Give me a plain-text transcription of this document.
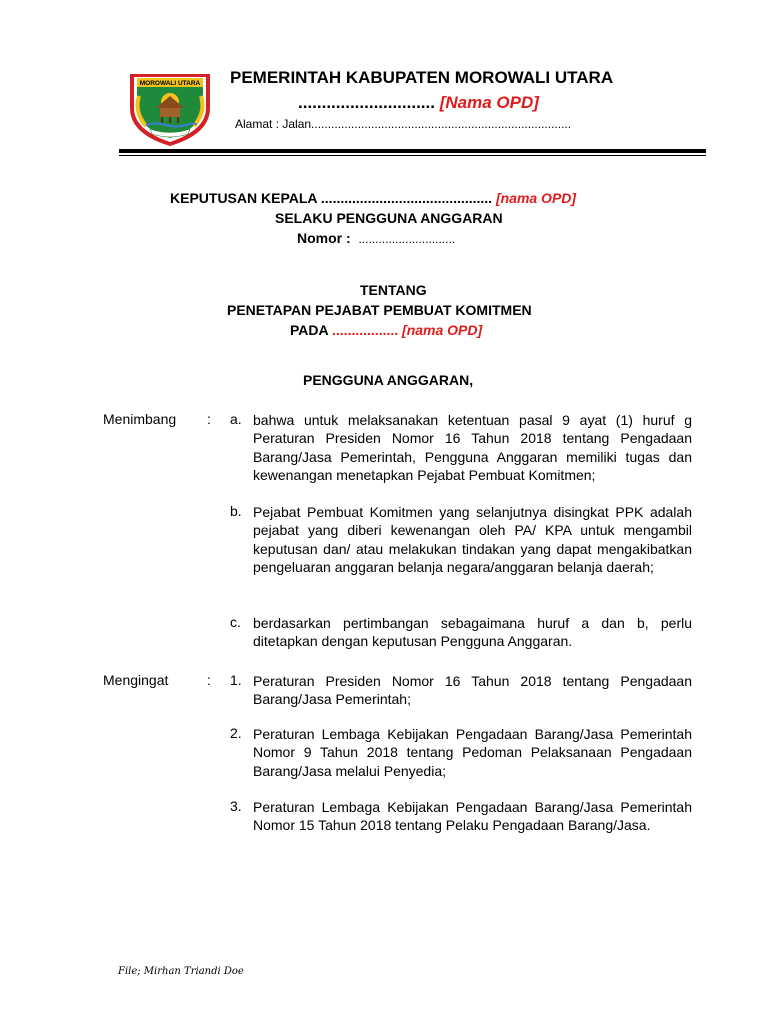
MOROWALI UTARA PEMERINTAH KABUPATEN MOROWALI UTARA
............................. [Nama OPD]
Alamat : Jalan..............................................................................
KEPUTUSAN KEPALA ............................................ [nama OPD]
SELAKU PENGGUNA ANGGARAN
Nomor : .............................
TENTANG
PENETAPAN PEJABAT PEMBUAT KOMITMEN
PADA ................. [nama OPD]
PENGGUNA ANGGARAN,
Menimbang : a. bahwa untuk melaksanakan ketentuan pasal 9 ayat (1) huruf g Peraturan Presiden Nomor 16 Tahun 2018 tentang Pengadaan Barang/Jasa Pemerintah, Pengguna Anggaran memiliki tugas dan kewenangan menetapkan Pejabat Pembuat Komitmen;
b. Pejabat Pembuat Komitmen yang selanjutnya disingkat PPK adalah pejabat yang diberi kewenangan oleh PA/ KPA untuk mengambil keputusan dan/ atau melakukan tindakan yang dapat mengakibatkan pengeluaran anggaran belanja negara/anggaran belanja daerah;
c. berdasarkan pertimbangan sebagaimana huruf a dan b, perlu ditetapkan dengan keputusan Pengguna Anggaran.
Mengingat	: 1. Peraturan Presiden Nomor 16 Tahun 2018 tentang Pengadaan Barang/Jasa Pemerintah;
2. Peraturan Lembaga Kebijakan Pengadaan Barang/Jasa Pemerintah Nomor 9 Tahun 2018 tentang Pedoman Pelaksanaan Pengadaan Barang/Jasa melalui Penyedia;
3. Peraturan Lembaga Kebijakan Pengadaan Barang/Jasa Pemerintah Nomor 15 Tahun 2018 tentang Pelaku Pengadaan Barang/Jasa.
File; Mirhan Triandi Doe
